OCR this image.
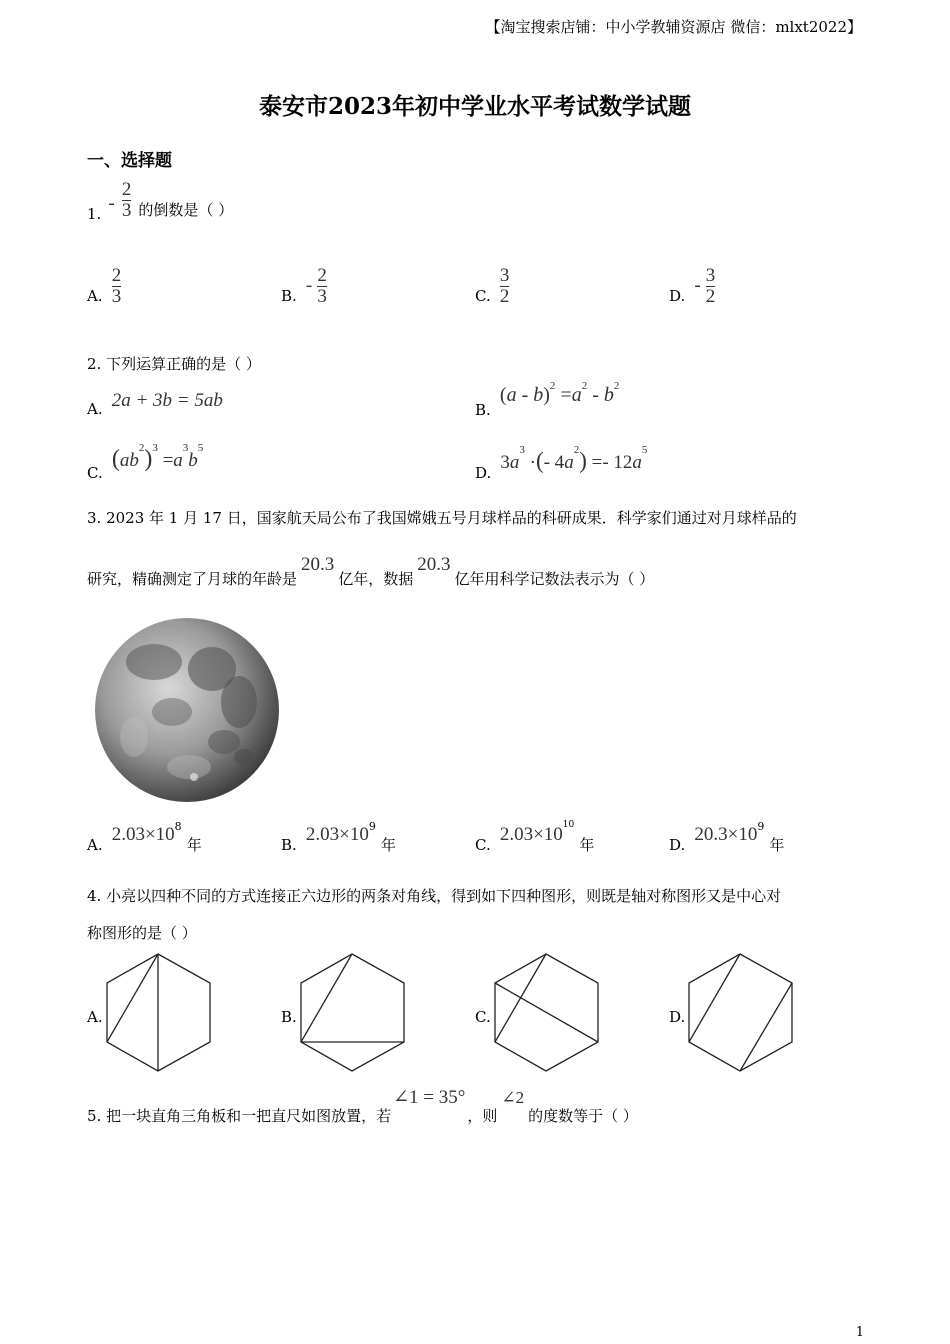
【淘宝搜索店铺：中小学教辅资源店 微信：mlxt2022】
泰安市2023年初中学业水平考试数学试题
一、选择题
1. - $\frac{2}{3}$ 的倒数是（ ）
A. $\frac{2}{3}$	B. - $\frac{2}{3}$	C. $\frac{3}{2}$	D. - $\frac{3}{2}$
2. 下列运算正确的是（ ）
A. 2a + 3b = 5ab	B. $(a - b)^2 =a^2 - b^2$
C. $(ab^2)^3 =a^3b^5$
D. $3a^3$ ·(- $4a^2) =- 12a^5$
3. 2023 年 1 月 17 日，国家航天局公布了我国嫦娥五号月球样品的科研成果．科学家们通过对月球样品的
研究，精确测定了月球的年龄是20.3亿年，数据20.3亿年用科学记数法表示为（ ）
A. $2.03\times 10^8$ 年	B. $2.03\times 10^9$ 年	C. $2.03\times 10^{10}$ 年	D. $20.3\times 10^9$ 年
4. 小亮以四种不同的方式连接正六边形的两条对角线，得到如下四种图形，则既是轴对称图形又是中心对
称图形的是（ ）
A.	B.	C.	D.
5. 把一块直角三角板和一把直尺如图放置，若∠1 = 35°，则∠2的度数等于（ ）
1
